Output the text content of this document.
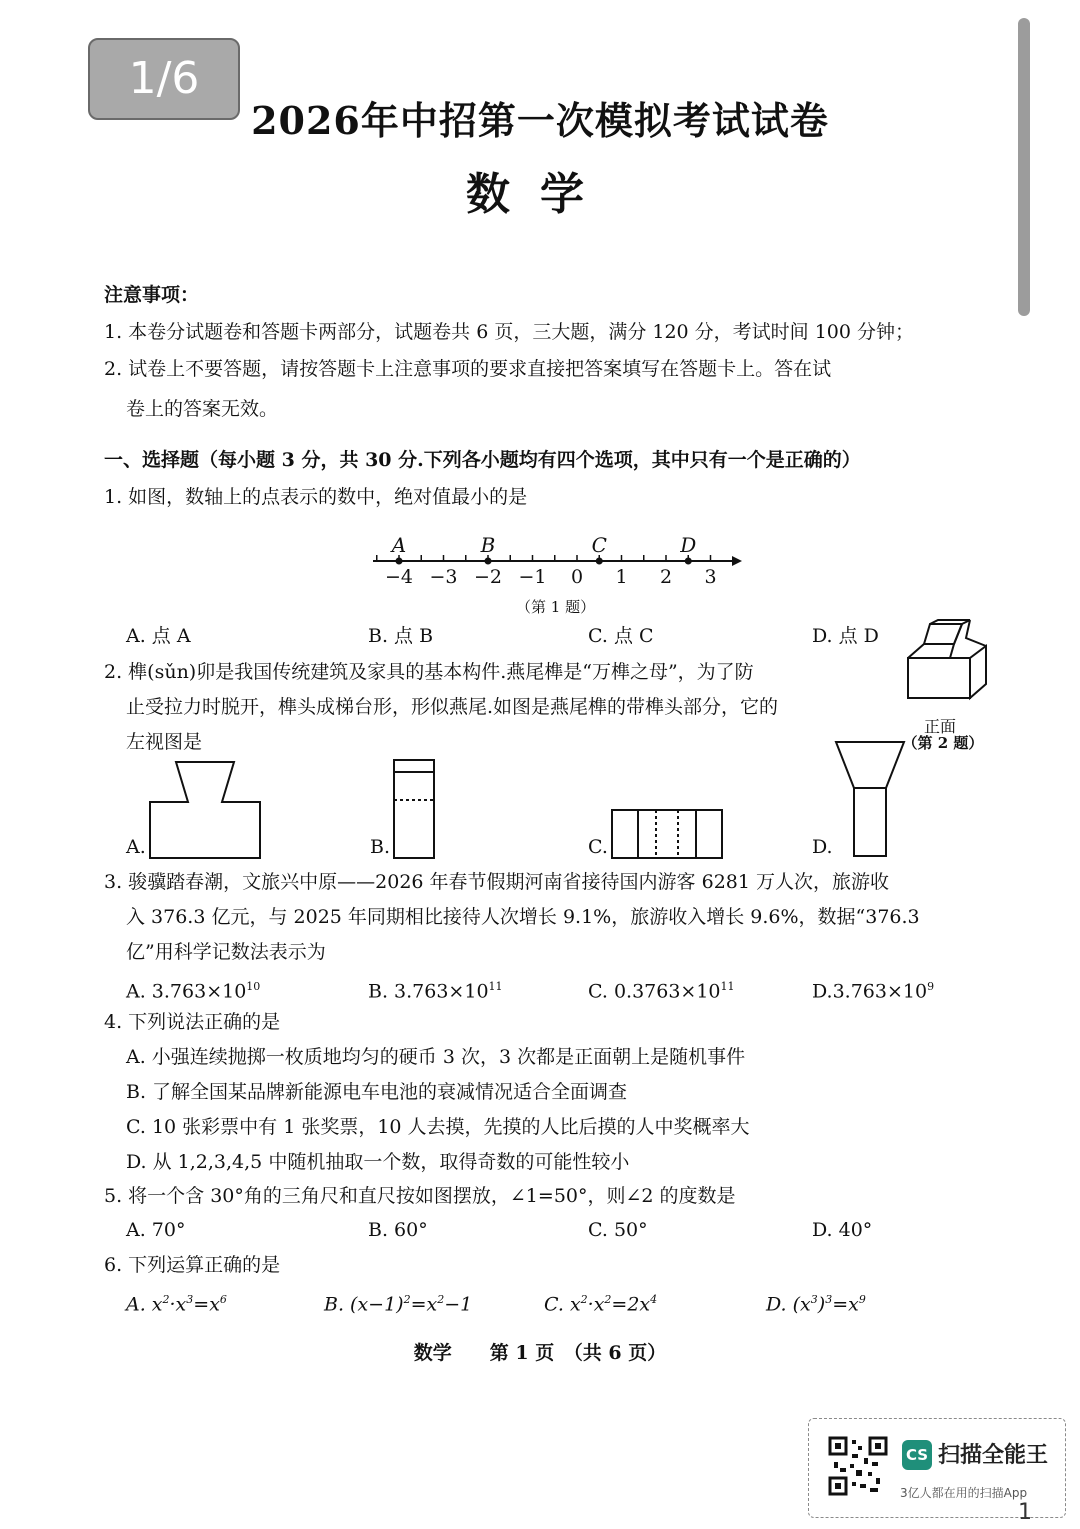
1/6
2026年中招第一次模拟考试试卷
数学
注意事项：
1. 本卷分试题卷和答题卡两部分，试题卷共 6 页，三大题，满分 120 分，考试时间 100 分钟；
2. 试卷上不要答题，请按答题卡上注意事项的要求直接把答案填写在答题卡上。答在试
卷上的答案无效。
一、选择题（每小题 3 分，共 30 分.下列各小题均有四个选项，其中只有一个是正确的）
1. 如图，数轴上的点表示的数中，绝对值最小的是
−4 −3 −2 −1 0 1 2 3
A	B	C	D
（第 1 题）
A. 点 A	B. 点 B	C. 点 C	D. 点 D
2. 榫(sǔn)卯是我国传统建筑及家具的基本构件.燕尾榫是“万榫之母”，为了防
止受拉力时脱开，榫头成梯台形，形似燕尾.如图是燕尾榫的带榫头部分，它的
左视图是
正面
（第 2 题）
A.	B.	C.	D.
3. 骏骥踏春潮，文旅兴中原——2026 年春节假期河南省接待国内游客 6281 万人次，旅游收
入 376.3 亿元，与 2025 年同期相比接待人次增长 9.1%，旅游收入增长 9.6%，数据“376.3
亿”用科学记数法表示为
A. $3.763\times 10^{10}$	B. $3.763\times 10^{11}$	C. $0.3763\times 10^{11}$	$D.3.763\times 10^9$
4. 下列说法正确的是
A. 小强连续抛掷一枚质地均匀的硬币 3 次，3 次都是正面朝上是随机事件
B. 了解全国某品牌新能源电车电池的衰减情况适合全面调查
C. 10 张彩票中有 1 张奖票，10 人去摸，先摸的人比后摸的人中奖概率大
D. 从 1,2,3,4,5 中随机抽取一个数，取得奇数的可能性较小
5. 将一个含 30°角的三角尺和直尺按如图摆放，∠1=50°，则∠2 的度数是
A. 70°	B. 60°	C. 50°	D. 40°
6. 下列运算正确的是
A. $x^2\cdot x^3=x^6$	B. $(x-1)^2=x^2-1$	C. $x^2\cdot x^2=2x^4$	D. $(x^3)^3=x^9$
数学　　第 1 页　（共 6 页）
CS 扫描全能王
3亿人都在用的扫描App
1
